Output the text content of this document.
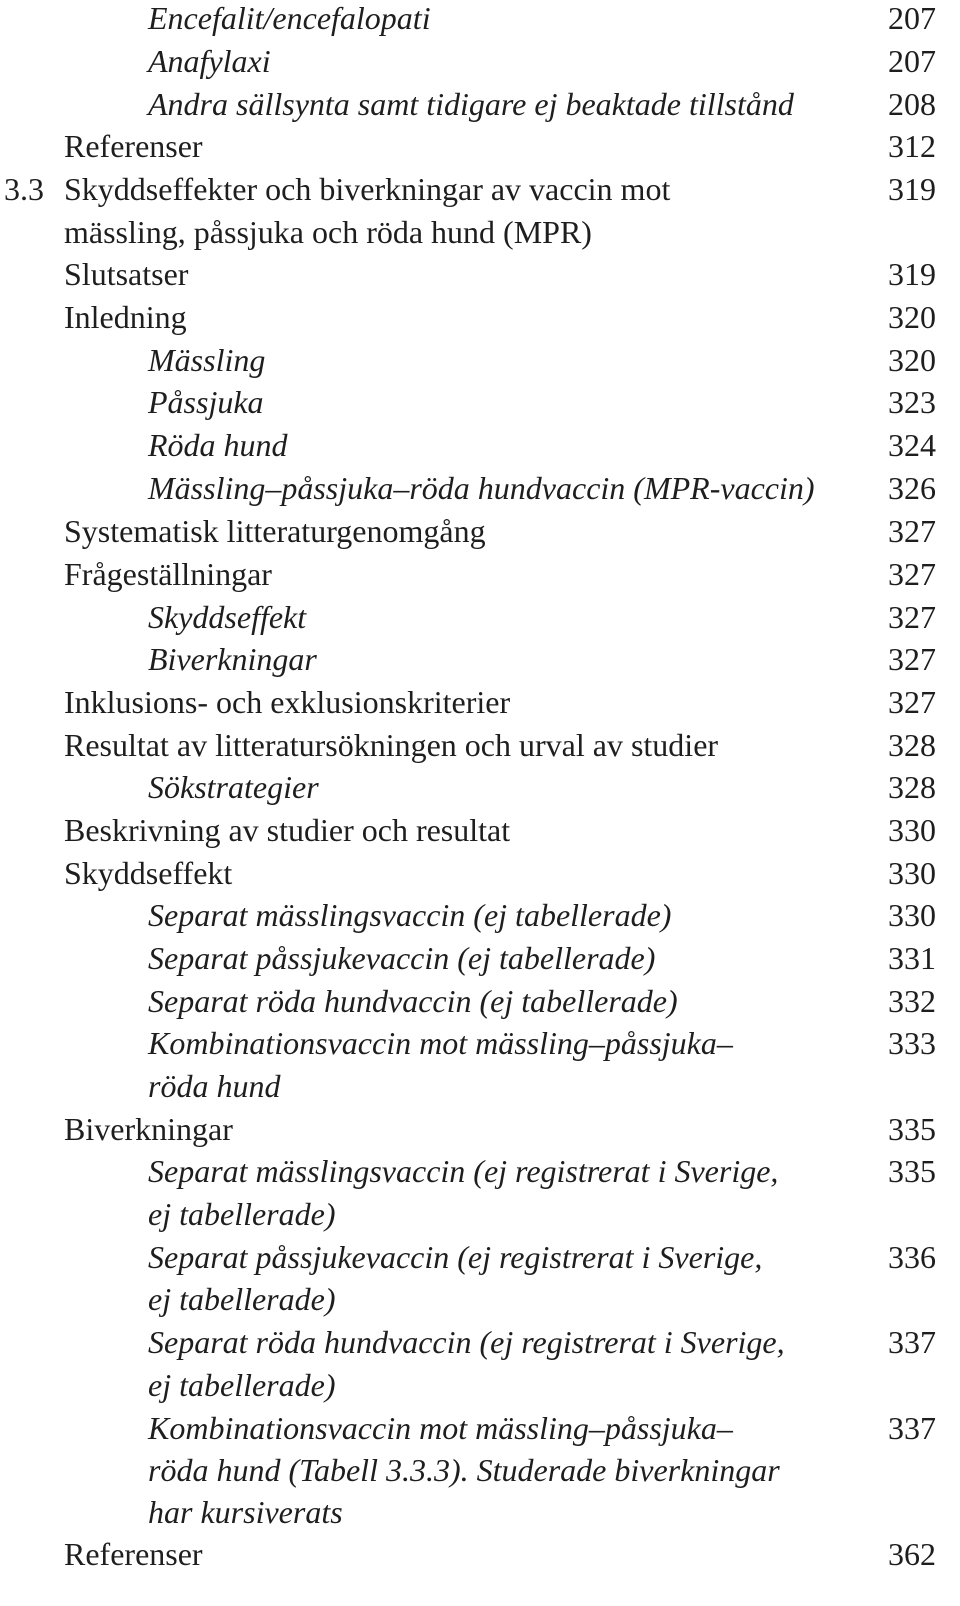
Encefalit/encefalopati	207
Anafylaxi	207
Andra sällsynta samt tidigare ej beaktade tillstånd	208
Referenser	312
3.3 Skyddseffekter och biverkningar av vaccin mot	319
mässling, påssjuka och röda hund (MPR)
Slutsatser	319
Inledning	320
Mässling	320
Påssjuka	323
Röda hund	324
Mässling–påssjuka–röda hundvaccin (MPR-vaccin) 326
Systematisk litteraturgenomgång	327
Frågeställningar	327
Skyddseffekt	327
Biverkningar	327
Inklusions- och exklusionskriterier	327
Resultat av litteratursökningen och urval av studier	328
Sökstrategier	328
Beskrivning av studier och resultat	330
Skyddseffekt	330
Separat mässlingsvaccin (ej tabellerade)	330
Separat påssjukevaccin (ej tabellerade)	331
Separat röda hundvaccin (ej tabellerade)	332
Kombinationsvaccin mot mässling–påssjuka–	333
röda hund
Biverkningar	335
Separat mässlingsvaccin (ej registrerat i Sverige,	335
ej tabellerade)
Separat påssjukevaccin (ej registrerat i Sverige,	336
ej tabellerade)
Separat röda hundvaccin (ej registrerat i Sverige,	337
ej tabellerade)
Kombinationsvaccin mot mässling–påssjuka–	337
röda hund (Tabell 3.3.3). Studerade biverkningar
har kursiverats
Referenser	362
